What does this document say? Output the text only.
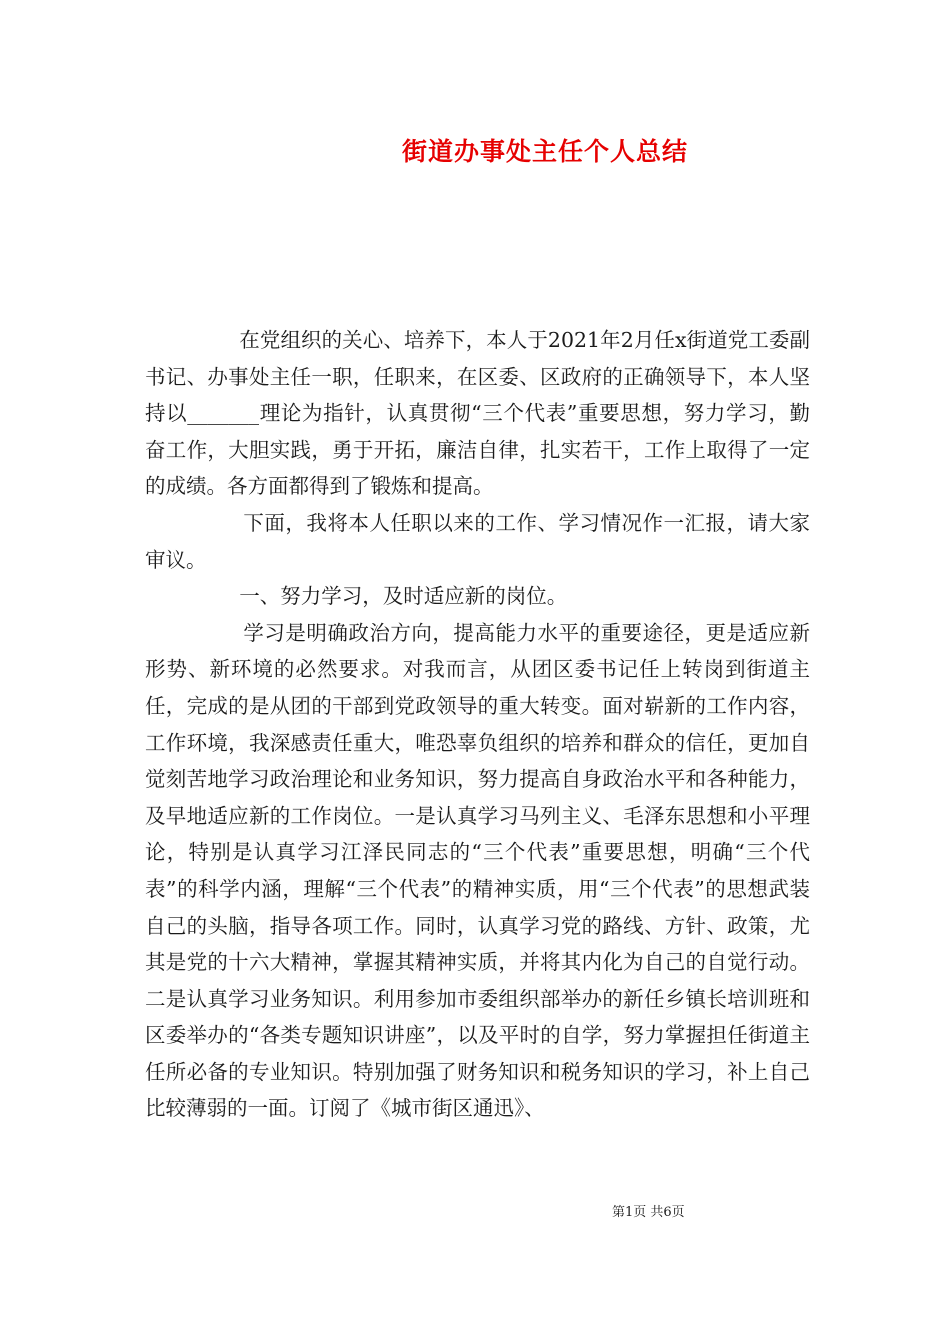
街道办事处主任个人总结

在党组织的关心、培养下，本人于2021年2月任x街道党工委副书记、办事处主任一职，任职来，在区委、区政府的正确领导下，本人坚持以_______理论为指针，认真贯彻“三个代表”重要思想，努力学习，勤奋工作，大胆实践，勇于开拓，廉洁自律，扎实若干，工作上取得了一定的成绩。各方面都得到了锻炼和提高。

下面，我将本人任职以来的工作、学习情况作一汇报，请大家审议。

一、努力学习，及时适应新的岗位。

学习是明确政治方向，提高能力水平的重要途径，更是适应新形势、新环境的必然要求。对我而言，从团区委书记任上转岗到街道主任，完成的是从团的干部到党政领导的重大转变。面对崭新的工作内容，工作环境，我深感责任重大，唯恐辜负组织的培养和群众的信任，更加自觉刻苦地学习政治理论和业务知识，努力提高自身政治水平和各种能力，及早地适应新的工作岗位。一是认真学习马列主义、毛泽东思想和小平理论，特别是认真学习江泽民同志的“三个代表”重要思想，明确“三个代表”的科学内涵，理解“三个代表”的精神实质，用“三个代表”的思想武装自己的头脑，指导各项工作。同时，认真学习党的路线、方针、政策，尤其是党的十六大精神，掌握其精神实质，并将其内化为自己的自觉行动。二是认真学习业务知识。利用参加市委组织部举办的新任乡镇长培训班和区委举办的“各类专题知识讲座”，以及平时的自学，努力掌握担任街道主任所必备的专业知识。特别加强了财务知识和税务知识的学习，补上自己比较薄弱的一面。订阅了《城市街区通迅》、

第1页 共6页
